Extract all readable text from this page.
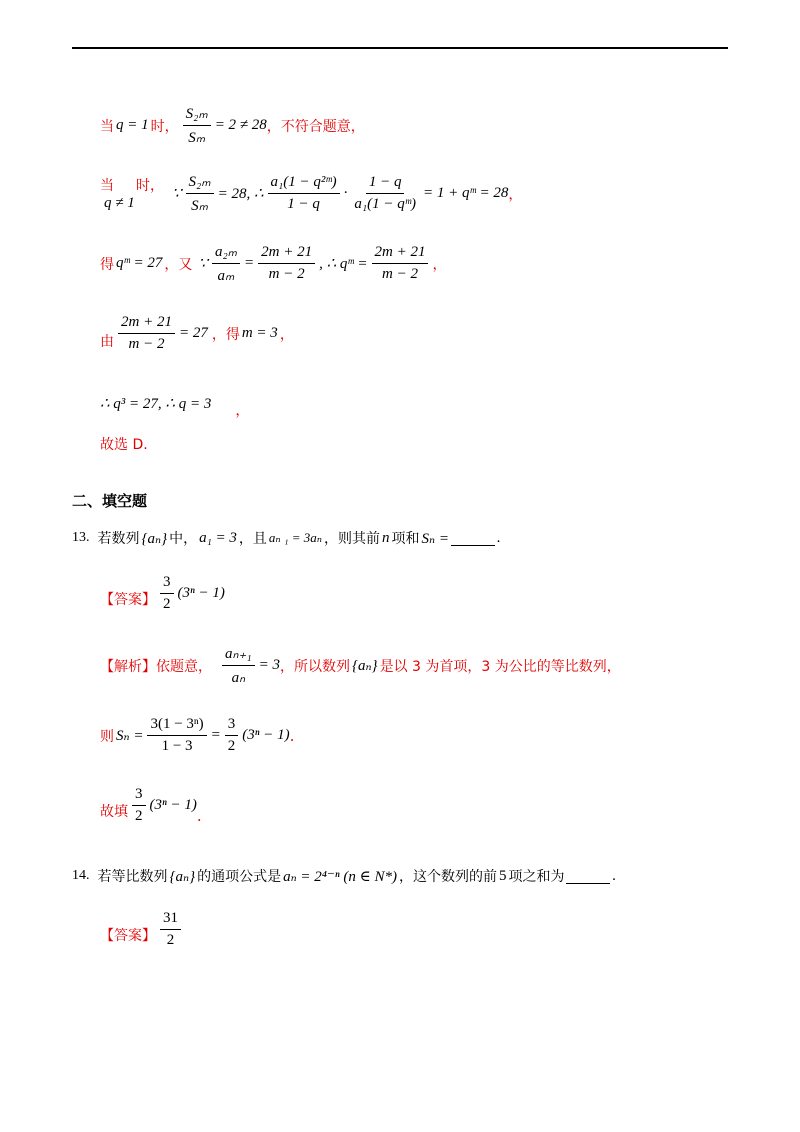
当 q = 1 时， $\frac{\text{S₂ₘ}}{\text{Sₘ}} = 2 \ne 28$ ，不符合题意，
当 时，
q ≠ 1
∵ $\frac{\text{S₂ₘ}}{\text{Sₘ}} = 28$, ∴ $\frac{\text{a₁(1 − q²ᵐ)}}{1 - q} \cdot \frac{1 - q}{\text{a₁(1 − qᵐ)}} = 1$ + qᵐ = 28 ，
得 qᵐ = 27 ，又 ∵ $\frac{\text{a₂ₘ}}{\text{aₘ}} = \frac{2m + 21}{m - 2}$ , ∴ qᵐ = $\frac{2m + 21}{m - 2}$ ，
由 $\frac{2m + 21}{m - 2} = 27$ ，得 m = 3 ，
∴ q³ = 27, ∴ q = 3 ，
故选 D.
二、填空题
13. 若数列 {aₙ} 中， a₁ = 3 ，且 aₙ ₁ = 3aₙ ，则其前 n 项和 Sₙ =	.
【答案】 $\frac{3}{2} (3^n - 1)$
【解析】 依题意， $\frac{\text{aₙ₊₁}}{\text{aₙ}} = 3$ ，所以数列 {aₙ} 是以 3 为首项，3 为公比的等比数列，
则 $S_n = \frac{\text{3(1 − 3ⁿ)}}{1 - 3} = \frac{3}{2} (3^n - 1)$ .
故填 $\frac{3}{2} (3^n - 1)$
.
14. 若等比数列 {aₙ} 的通项公式是 aₙ = 2⁴⁻ⁿ (n ∈ N*) ，这个数列的前 5 项之和为	.
【答案】 $\frac{31}{2}$
